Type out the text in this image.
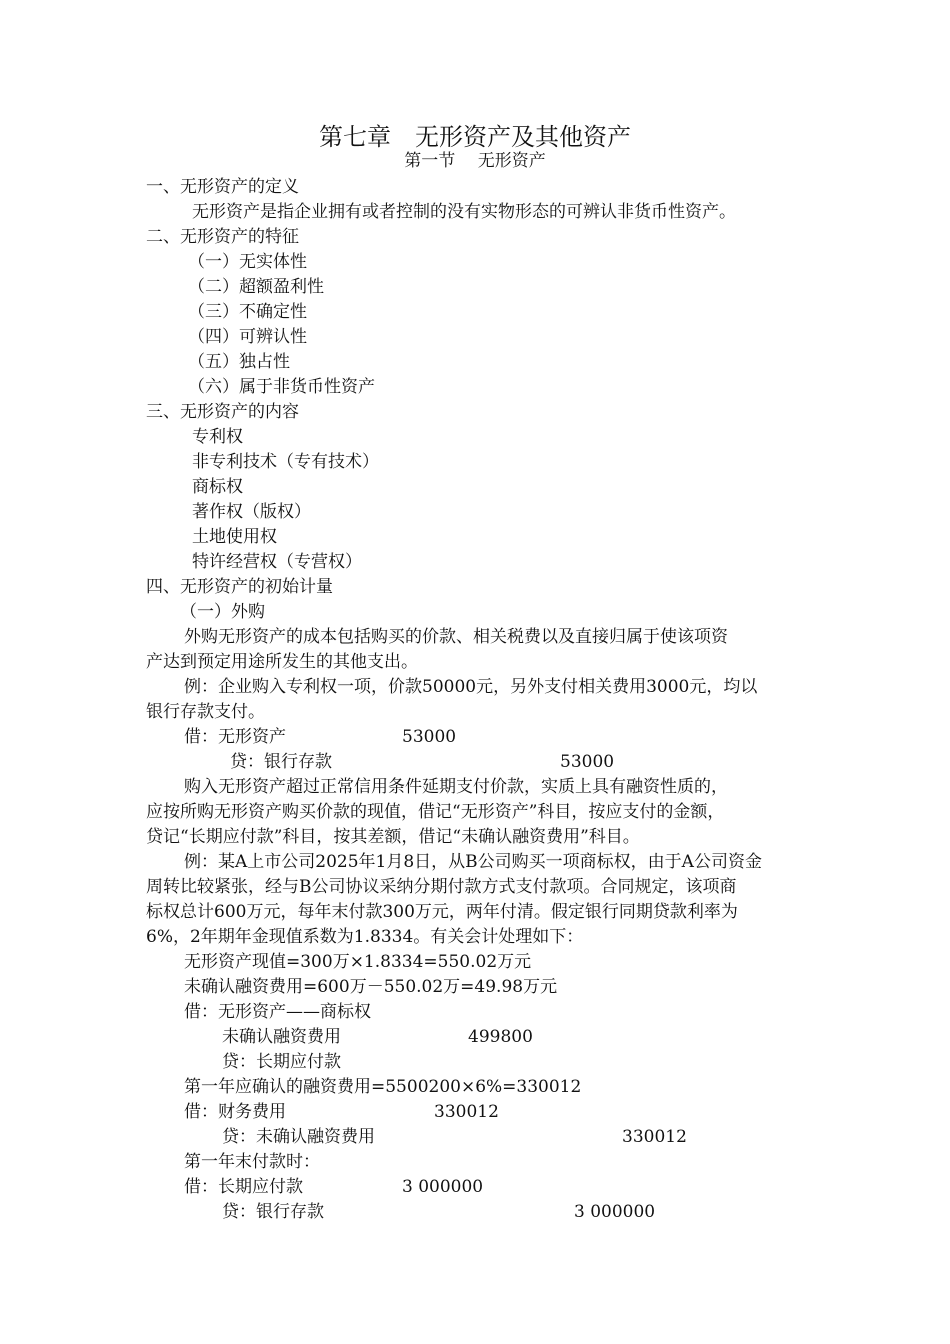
第七章　无形资产及其他资产
第一节　 无形资产
一、无形资产的定义
无形资产是指企业拥有或者控制的没有实物形态的可辨认非货币性资产。
二、无形资产的特征
（一）无实体性
（二）超额盈利性
（三）不确定性
（四）可辨认性
（五）独占性
（六）属于非货币性资产
三、无形资产的内容
专利权
非专利技术（专有技术）
商标权
著作权（版权）
土地使用权
特许经营权（专营权）
四、无形资产的初始计量
（一）外购
外购无形资产的成本包括购买的价款、相关税费以及直接归属于使该项资
产达到预定用途所发生的其他支出。
例：企业购入专利权一项，价款50000元，另外支付相关费用3000元，均以
银行存款支付。
借：无形资产	53000
贷：银行存款	53000
购入无形资产超过正常信用条件延期支付价款，实质上具有融资性质的，
应按所购无形资产购买价款的现值，借记“无形资产”科目，按应支付的金额，
贷记“长期应付款”科目，按其差额，借记“未确认融资费用”科目。
例：某A上市公司2025年1月8日，从B公司购买一项商标权，由于A公司资金
周转比较紧张，经与B公司协议采纳分期付款方式支付款项。合同规定，该项商
标权总计600万元，每年末付款300万元，两年付清。假定银行同期贷款利率为
6%，2年期年金现值系数为1.8334。有关会计处理如下：
无形资产现值=300万×1.8334=550.02万元
未确认融资费用=600万－550.02万=49.98万元
借：无形资产——商标权
未确认融资费用	499800
贷：长期应付款
第一年应确认的融资费用=5500200×6%=330012
借：财务费用	330012
贷：未确认融资费用	330012
第一年末付款时：
借：长期应付款	3 000000
贷：银行存款	3 000000
